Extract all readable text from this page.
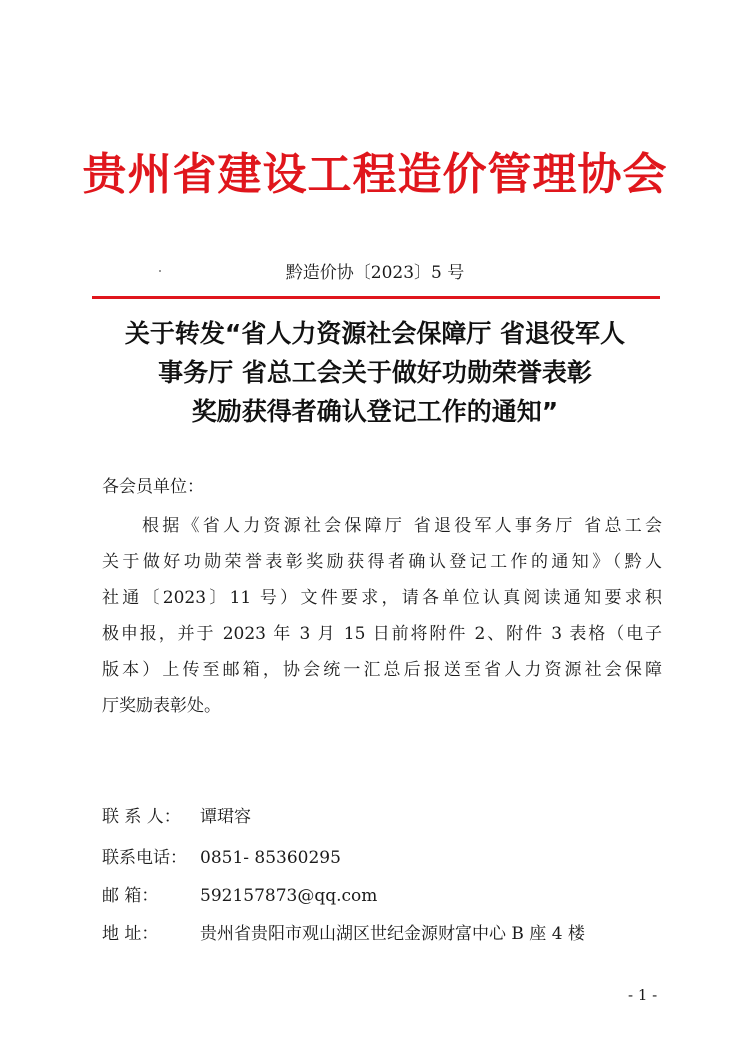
贵州省建设工程造价管理协会
黔造价协〔2023〕5 号
关于转发“省人力资源社会保障厅 省退役军人
事务厅 省总工会关于做好功勋荣誉表彰
奖励获得者确认登记工作的通知”
各会员单位：
根据《省人力资源社会保障厅 省退役军人事务厅 省总工会
关于做好功勋荣誉表彰奖励获得者确认登记工作的通知》（黔人
社通〔2023〕11 号）文件要求，请各单位认真阅读通知要求积
极申报，并于 2023 年 3 月 15 日前将附件 2、附件 3 表格（电子
版本）上传至邮箱，协会统一汇总后报送至省人力资源社会保障
厅奖励表彰处。
联 系 人： 谭珺容
联系电话： 0851- 85360295
邮 箱： 592157873@qq.com
地 址： 贵州省贵阳市观山湖区世纪金源财富中心 B 座 4 楼
- 1 -
